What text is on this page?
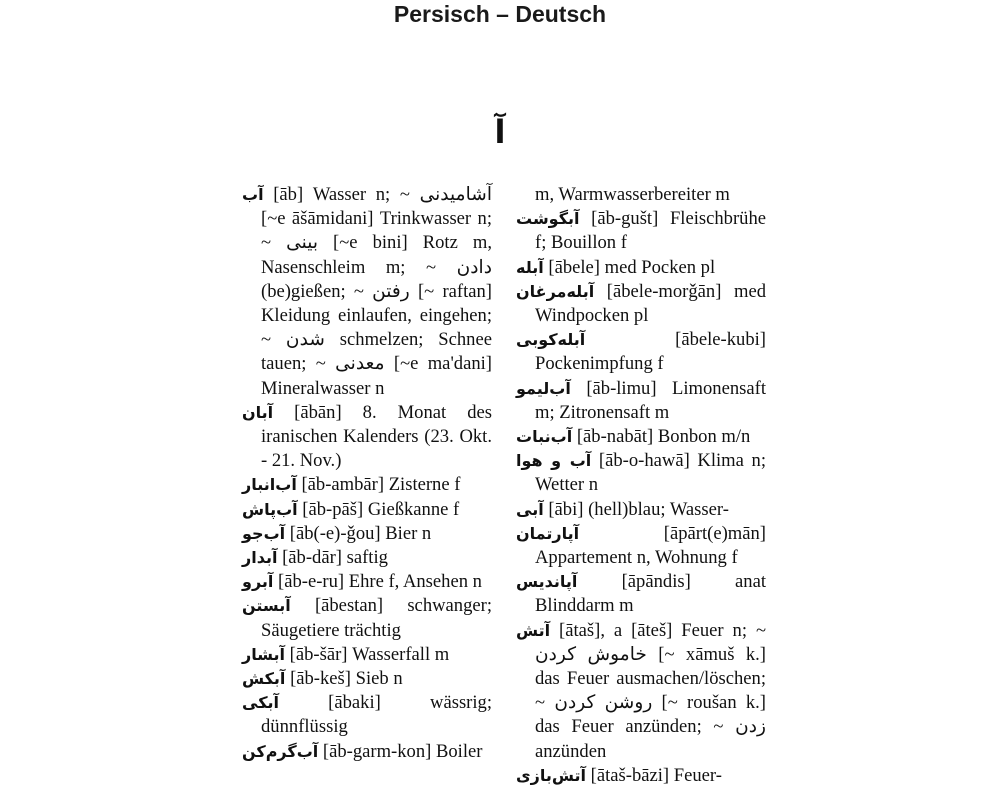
Persisch – Deutsch
آ
آب [āb] Wasser n; ~ آشامیدنی [~e āšāmidani] Trinkwasser n; ~ بینی [~e bini] Rotz m, Nasenschleim m; ~ دادن (be)gießen; ~ رفتن [~ raftan] Kleidung einlaufen, eingehen; ~ شدن schmelzen; Schnee tauen; ~ معدنی [~e ma'dani] Mineralwasser n
آبان [ābān] 8. Monat des iranischen Kalenders (23. Okt. - 21. Nov.)
آب‌انبار [āb-ambār] Zisterne f
آب‌پاش [āb-pāš] Gießkanne f
آب‌جو [āb(-e)-ǧou] Bier n
آبدار [āb-dār] saftig
آبرو [āb-e-ru] Ehre f, Ansehen n
آبستن [ābestan] schwanger; Säugetiere trächtig
آبشار [āb-šār] Wasserfall m
آبکش [āb-keš] Sieb n
آبکی [ābaki] wässrig; dünnflüssig
آب‌گرم‌کن [āb-garm-kon] Boiler
m, Warmwasserbereiter m
آبگوشت [āb-gušt] Fleischbrühe f; Bouillon f
آبله [ābele] med Pocken pl
آبله‌مرغان [ābele-morǧān] med Windpocken pl
آبله‌کوبی [ābele-kubi] Pockenimpfung f
آب‌لیمو [āb-limu] Limonensaft m; Zitronensaft m
آب‌نبات [āb-nabāt] Bonbon m/n
آب و هوا [āb-o-hawā] Klima n; Wetter n
آبی [ābi] (hell)blau; Wasser-
آپارتمان [āpārt(e)mān] Appartement n, Wohnung f
آپاندیس [āpāndis] anat Blinddarm m
آتش [ātaš], a [āteš] Feuer n; ~ خاموش کردن [~ xāmuš k.] das Feuer ausmachen/löschen; ~ روشن کردن [~ roušan k.] das Feuer anzünden; ~ زدن anzünden
آتش‌بازی [ātaš-bāzi] Feuer-
